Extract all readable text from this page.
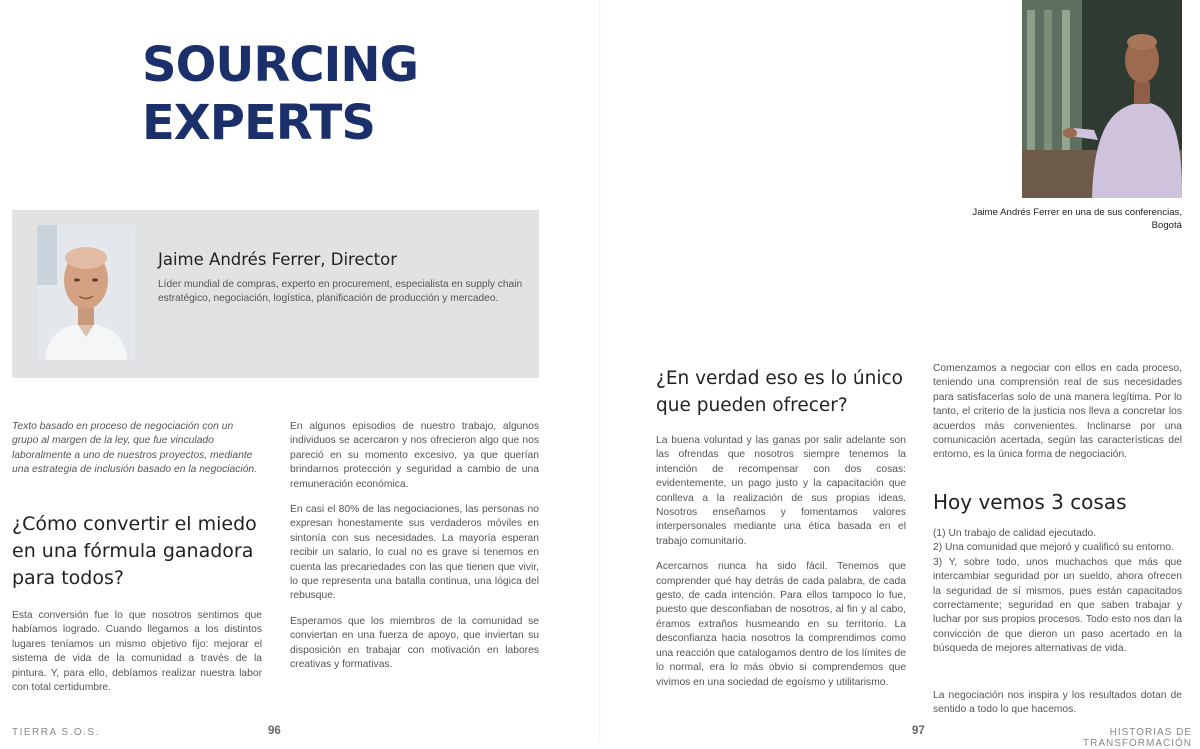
SOURCING
EXPERTS
Jaime Andrés Ferrer, Director
Líder mundial de compras, experto en procurement, especialista en supply chain estratégico, negociación, logística, planificación de producción y mercadeo.
Texto basado en proceso de negociación con un grupo al margen de la ley, que fue vinculado laboralmente a uno de nuestros proyectos, mediante una estrategia de inclusión basado en la negociación.
¿Cómo convertir el miedo en una fórmula ganadora para todos?

Esta conversión fue lo que nosotros sentimos que habíamos logrado. Cuando llegamos a los distintos lugares teníamos un mismo objetivo fijo: mejorar el sistema de vida de la comunidad a través de la pintura. Y, para ello, debíamos realizar nuestra labor con total certidumbre.

En algunos episodios de nuestro trabajo, algunos individuos se acercaron y nos ofrecieron algo que nos pareció en su momento excesivo, ya que querían brindarnos protección y seguridad a cambio de una remuneración económica.

En casi el 80% de las negociaciones, las personas no expresan honestamente sus verdaderos móviles en sintonía con sus necesidades. La mayoría esperan recibir un salario, lo cual no es grave si tenemos en cuenta las precariedades con las que tienen que vivir, lo que representa una batalla continua, una lógica del rebusque.

Esperamos que los miembros de la comunidad se conviertan en una fuerza de apoyo, que inviertan su disposición en trabajar con motivación en labores creativas y formativas.

TIERRA S.O.S.	96
Jaime Andrés Ferrer en una de sus conferencias, Bogotá
¿En verdad eso es lo único que pueden ofrecer?

La buena voluntad y las ganas por salir adelante son las ofrendas que nosotros siempre tenemos la intención de recompensar con dos cosas: evidentemente, un pago justo y la capacitación que conlleva a la realización de sus propias ideas. Nosotros enseñamos y fomentamos valores interpersonales mediante una ética basada en el trabajo comunitario.

Acercarnos nunca ha sido fácil. Tenemos que comprender qué hay detrás de cada palabra, de cada gesto, de cada intención. Para ellos tampoco lo fue, puesto que desconfiaban de nosotros, al fin y al cabo, éramos extraños husmeando en su territorio. La desconfianza hacia nosotros la comprendimos como una reacción que catalogamos dentro de los límites de lo normal, era lo más obvio si comprendemos que vivimos en una sociedad de egoísmo y utilitarismo.

Comenzamos a negociar con ellos en cada proceso, teniendo una comprensión real de sus necesidades para satisfacerlas solo de una manera legítima. Por lo tanto, el criterio de la justicia nos lleva a concretar los acuerdos más convenientes. Inclinarse por una comunicación acertada, según las características del entorno, es la única forma de negociación.

Hoy vemos 3 cosas
(1) Un trabajo de calidad ejecutado.
2) Una comunidad que mejoró y cualificó su entorno.
3) Y, sobre todo, unos muchachos que más que intercambiar seguridad por un sueldo, ahora ofrecen la seguridad de sí mismos, pues están capacitados correctamente; seguridad en que saben trabajar y luchar por sus propios procesos. Todo esto nos dan la convicción de que dieron un paso acertado en la búsqueda de mejores alternativas de vida.
La negociación nos inspira y los resultados dotan de sentido a todo lo que hacemos.
97	HISTORIAS DE TRANSFORMACIÓN
